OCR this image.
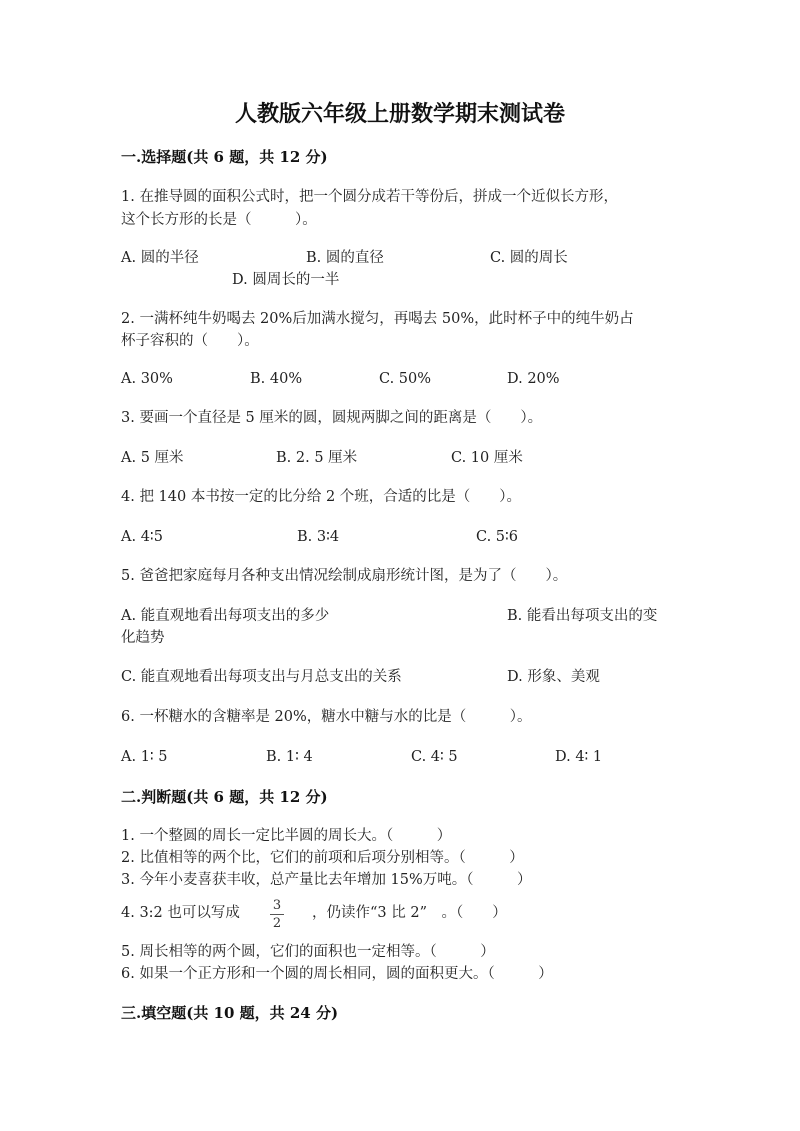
人教版六年级上册数学期末测试卷
一.选择题(共 6 题，共 12 分)
1. 在推导圆的面积公式时，把一个圆分成若干等份后，拼成一个近似长方形，
这个长方形的长是（　　　）。
A. 圆的半径	B. 圆的直径	C. 圆的周长
D. 圆周长的一半
2. 一满杯纯牛奶喝去 20%后加满水搅匀，再喝去 50%，此时杯子中的纯牛奶占
杯子容积的（　　）。
A. 30%	B. 40%	C. 50%	D. 20%
3. 要画一个直径是 5 厘米的圆，圆规两脚之间的距离是（　　）。
A. 5 厘米	B. 2. 5 厘米	C. 10 厘米
4. 把 140 本书按一定的比分给 2 个班，合适的比是（　　）。
A. 4∶5	B. 3∶4	C. 5∶6
5. 爸爸把家庭每月各种支出情况绘制成扇形统计图，是为了（　　）。
A. 能直观地看出每项支出的多少	B. 能看出每项支出的变
化趋势
C. 能直观地看出每项支出与月总支出的关系	D. 形象、美观
6. 一杯糖水的含糖率是 20%，糖水中糖与水的比是（　　　）。
A. 1∶ 5	B. 1∶ 4	C. 4∶ 5	D. 4∶ 1
二.判断题(共 6 题，共 12 分)
1. 一个整圆的周长一定比半圆的周长大。（　　　）
2. 比值相等的两个比，它们的前项和后项分别相等。（　　　）
3. 今年小麦喜获丰收，总产量比去年增加 15%万吨。（　　　）
4. 3:2 也可以写成	3
2
，仍读作“3 比 2”　。（　　）
5. 周长相等的两个圆，它们的面积也一定相等。（　　　）
6. 如果一个正方形和一个圆的周长相同，圆的面积更大。（　　　）
三.填空题(共 10 题，共 24 分)
